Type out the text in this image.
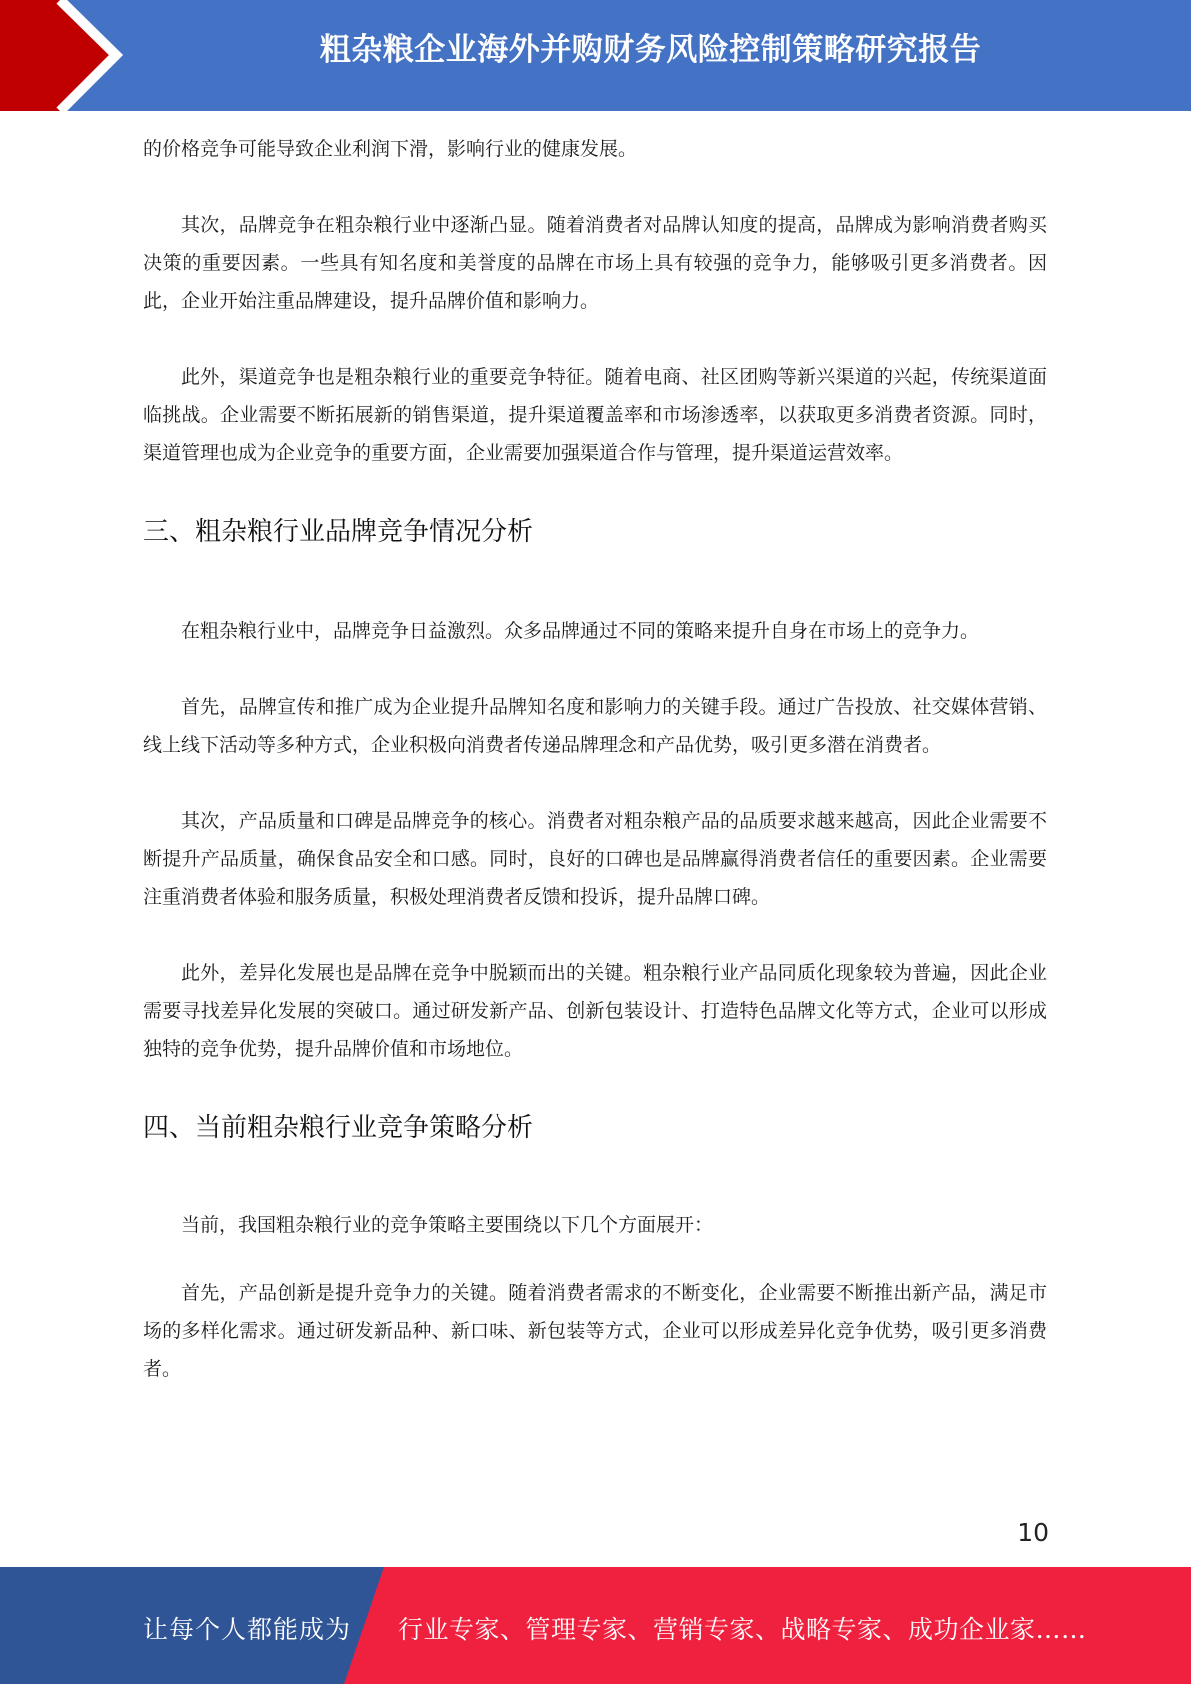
粗杂粮企业海外并购财务风险控制策略研究报告

的价格竞争可能导致企业利润下滑，影响行业的健康发展。

其次，品牌竞争在粗杂粮行业中逐渐凸显。随着消费者对品牌认知度的提高，品牌成为影响消费者购买决策的重要因素。一些具有知名度和美誉度的品牌在市场上具有较强的竞争力，能够吸引更多消费者。因此，企业开始注重品牌建设，提升品牌价值和影响力。

此外，渠道竞争也是粗杂粮行业的重要竞争特征。随着电商、社区团购等新兴渠道的兴起，传统渠道面临挑战。企业需要不断拓展新的销售渠道，提升渠道覆盖率和市场渗透率，以获取更多消费者资源。同时，渠道管理也成为企业竞争的重要方面，企业需要加强渠道合作与管理，提升渠道运营效率。

三、粗杂粮行业品牌竞争情况分析

在粗杂粮行业中，品牌竞争日益激烈。众多品牌通过不同的策略来提升自身在市场上的竞争力。

首先，品牌宣传和推广成为企业提升品牌知名度和影响力的关键手段。通过广告投放、社交媒体营销、线上线下活动等多种方式，企业积极向消费者传递品牌理念和产品优势，吸引更多潜在消费者。

其次，产品质量和口碑是品牌竞争的核心。消费者对粗杂粮产品的品质要求越来越高，因此企业需要不断提升产品质量，确保食品安全和口感。同时，良好的口碑也是品牌赢得消费者信任的重要因素。企业需要注重消费者体验和服务质量，积极处理消费者反馈和投诉，提升品牌口碑。

此外，差异化发展也是品牌在竞争中脱颖而出的关键。粗杂粮行业产品同质化现象较为普遍，因此企业需要寻找差异化发展的突破口。通过研发新产品、创新包装设计、打造特色品牌文化等方式，企业可以形成独特的竞争优势，提升品牌价值和市场地位。

四、当前粗杂粮行业竞争策略分析

当前，我国粗杂粮行业的竞争策略主要围绕以下几个方面展开：

首先，产品创新是提升竞争力的关键。随着消费者需求的不断变化，企业需要不断推出新产品，满足市场的多样化需求。通过研发新品种、新口味、新包装等方式，企业可以形成差异化竞争优势，吸引更多消费者。

10
让每个人都能成为 行业专家、管理专家、营销专家、战略专家、成功企业家……
